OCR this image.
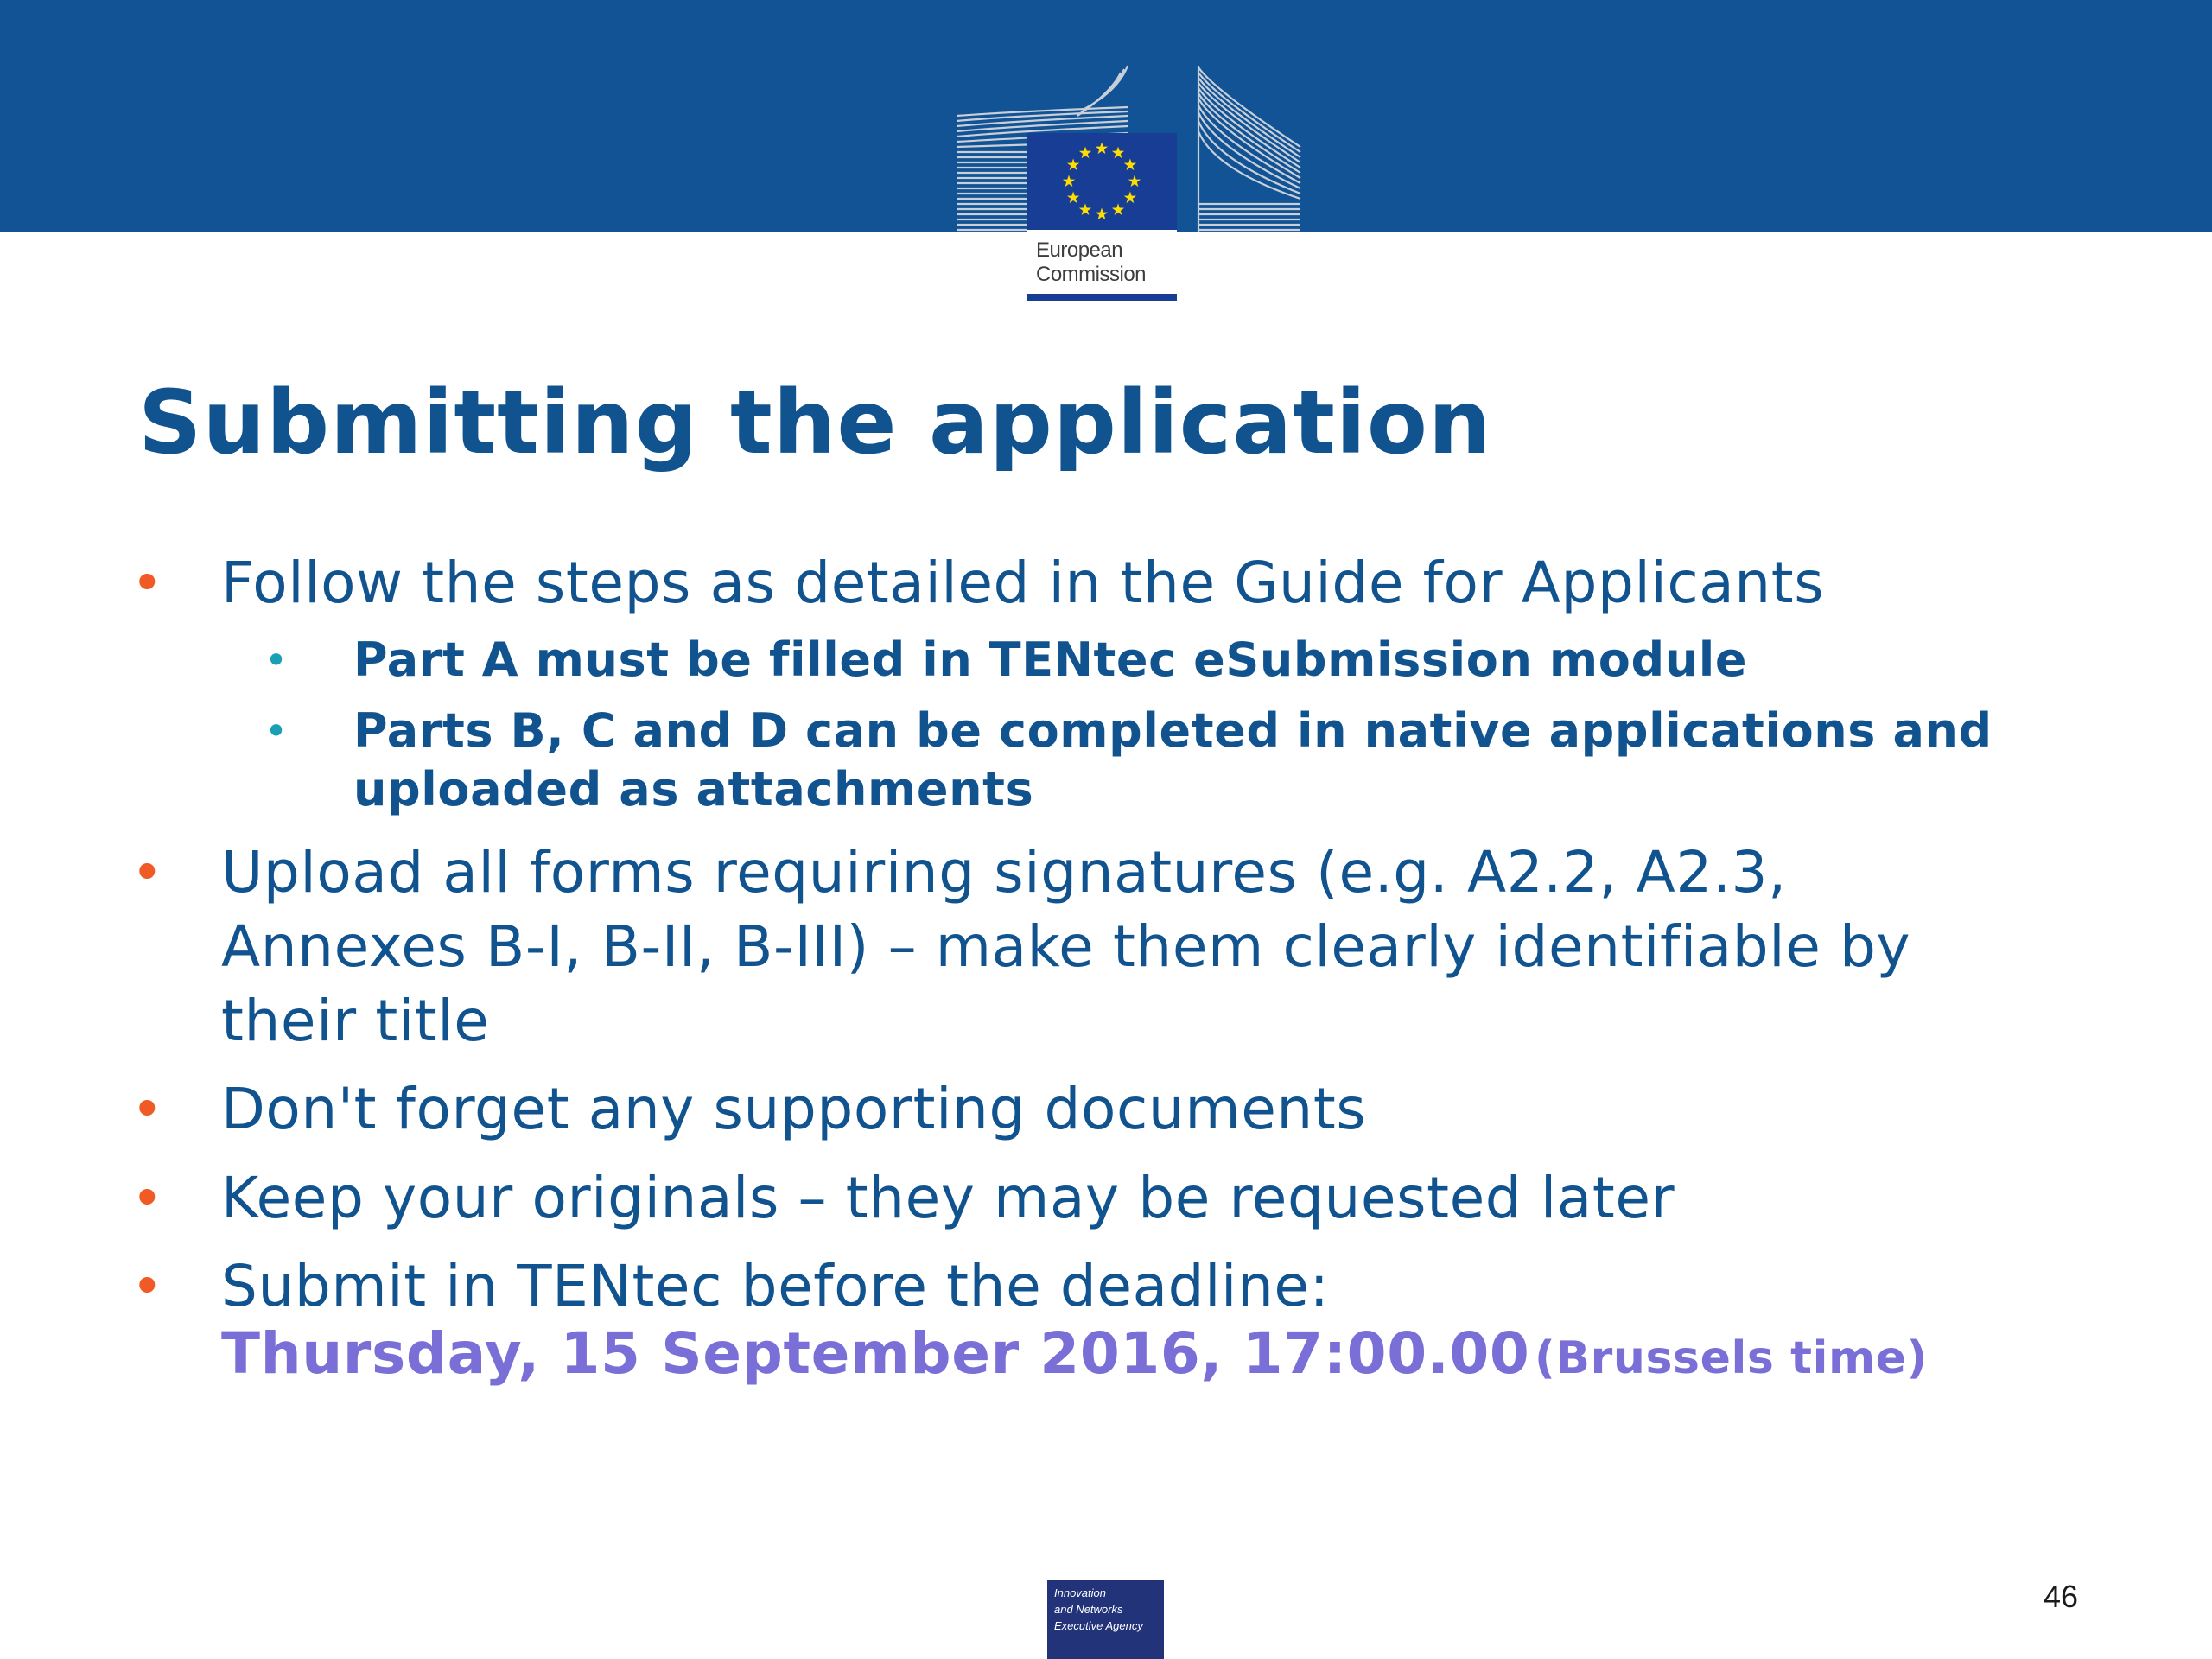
European
Commission
Submitting the application
• Follow the steps as detailed in the Guide for Applicants
• Part A must be filled in TENtec eSubmission module
• Parts B, C and D can be completed in native applications and
uploaded as attachments
• Upload all forms requiring signatures (e.g. A2.2, A2.3,
Annexes B-I, B-II, B-III) – make them clearly identifiable by
their title
• Don't forget any supporting documents
• Keep your originals – they may be requested later
• Submit in TENtec before the deadline:
Thursday, 15 September 2016, 17:00.00 (Brussels time)
Innovation
and Networks
Executive Agency
46
